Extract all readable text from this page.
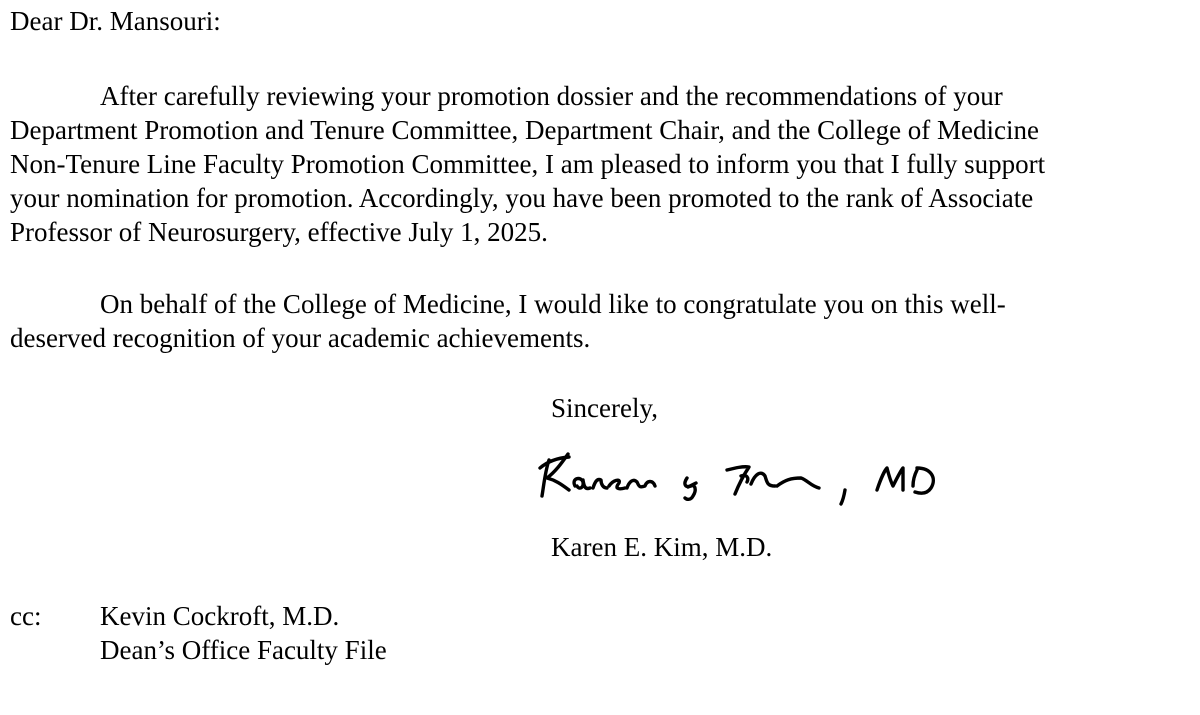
Dear Dr. Mansouri:
After carefully reviewing your promotion dossier and the recommendations of your
Department Promotion and Tenure Committee, Department Chair, and the College of Medicine
Non-Tenure Line Faculty Promotion Committee, I am pleased to inform you that I fully support
your nomination for promotion. Accordingly, you have been promoted to the rank of Associate
Professor of Neurosurgery, effective July 1, 2025.
On behalf of the College of Medicine, I would like to congratulate you on this well-
deserved recognition of your academic achievements.
Sincerely,
Karen E. Kim, M.D.
cc: Kevin Cockroft, M.D.
Dean’s Office Faculty File
